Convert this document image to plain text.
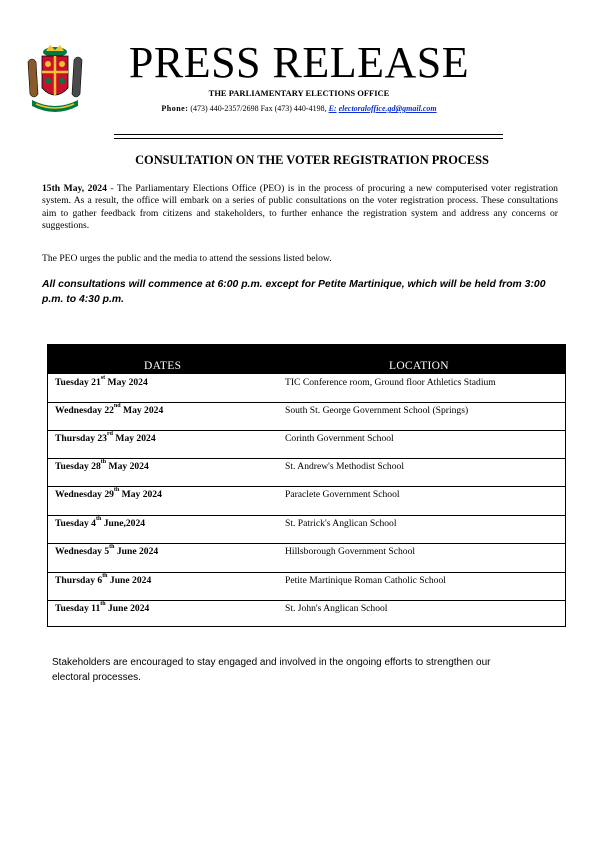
PRESS RELEASE
THE PARLIAMENTARY ELECTIONS OFFICE
Phone: (473) 440-2357/2698 Fax (473) 440-4198, E: electoraloffice.gd@gmail.com
CONSULTATION ON THE VOTER REGISTRATION PROCESS
15th May, 2024 - The Parliamentary Elections Office (PEO) is in the process of procuring a new computerised voter registration system. As a result, the office will embark on a series of public consultations on the voter registration process. These consultations aim to gather feedback from citizens and stakeholders, to further enhance the registration system and address any concerns or suggestions.
The PEO urges the public and the media to attend the sessions listed below.
All consultations will commence at 6:00 p.m. except for Petite Martinique, which will be held from 3:00 p.m. to 4:30 p.m.
DATES	LOCATION
Tuesday 21st May 2024	TIC Conference room, Ground floor Athletics Stadium
Wednesday 22nd May 2024	South St. George Government School (Springs)
Thursday 23rd May 2024	Corinth Government School
Tuesday 28th May 2024	St. Andrew's Methodist School
Wednesday 29th May 2024	Paraclete Government School
Tuesday 4th June,2024	St. Patrick's Anglican School
Wednesday 5th June 2024	Hillsborough Government School
Thursday 6th June 2024	Petite Martinique Roman Catholic School
Tuesday 11th June 2024	St. John's Anglican School
Stakeholders are encouraged to stay engaged and involved in the ongoing efforts to strengthen our electoral processes.
